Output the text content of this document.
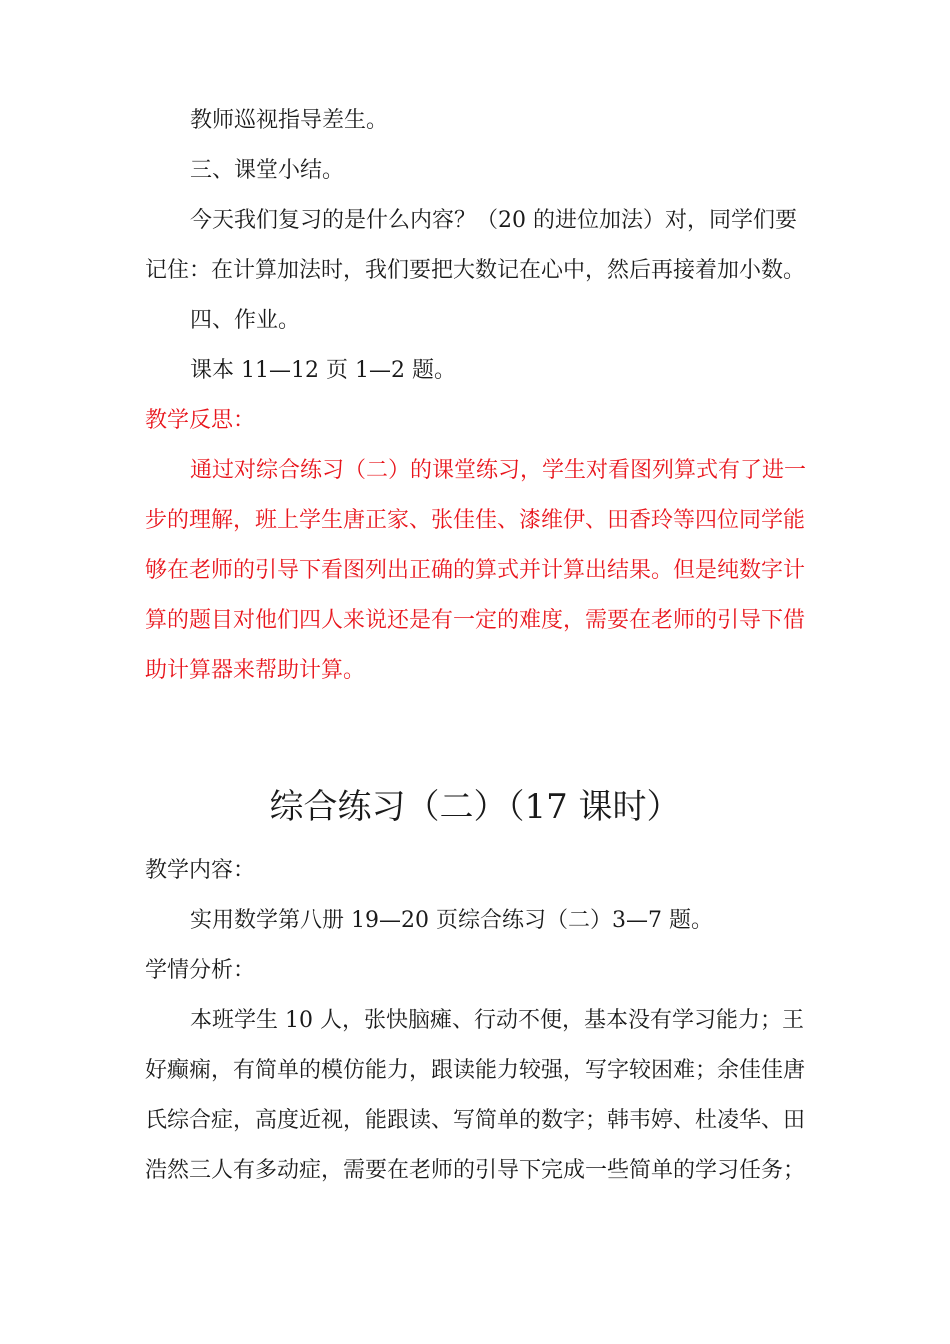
教师巡视指导差生。
三、课堂小结。
今天我们复习的是什么内容？（20 的进位加法）对，同学们要
记住：在计算加法时，我们要把大数记在心中，然后再接着加小数。
四、作业。
课本 11—12 页 1—2 题。
教学反思：
通过对综合练习（二）的课堂练习，学生对看图列算式有了进一
步的理解，班上学生唐正家、张佳佳、漆维伊、田香玲等四位同学能
够在老师的引导下看图列出正确的算式并计算出结果。但是纯数字计
算的题目对他们四人来说还是有一定的难度，需要在老师的引导下借
助计算器来帮助计算。
综合练习（二）（17 课时）
教学内容：
实用数学第八册 19—20 页综合练习（二）3—7 题。
学情分析：
本班学生 10 人，张快脑瘫、行动不便，基本没有学习能力；王
好癫痫，有简单的模仿能力，跟读能力较强，写字较困难；余佳佳唐
氏综合症，高度近视，能跟读、写简单的数字；韩韦婷、杜凌华、田
浩然三人有多动症，需要在老师的引导下完成一些简单的学习任务；
